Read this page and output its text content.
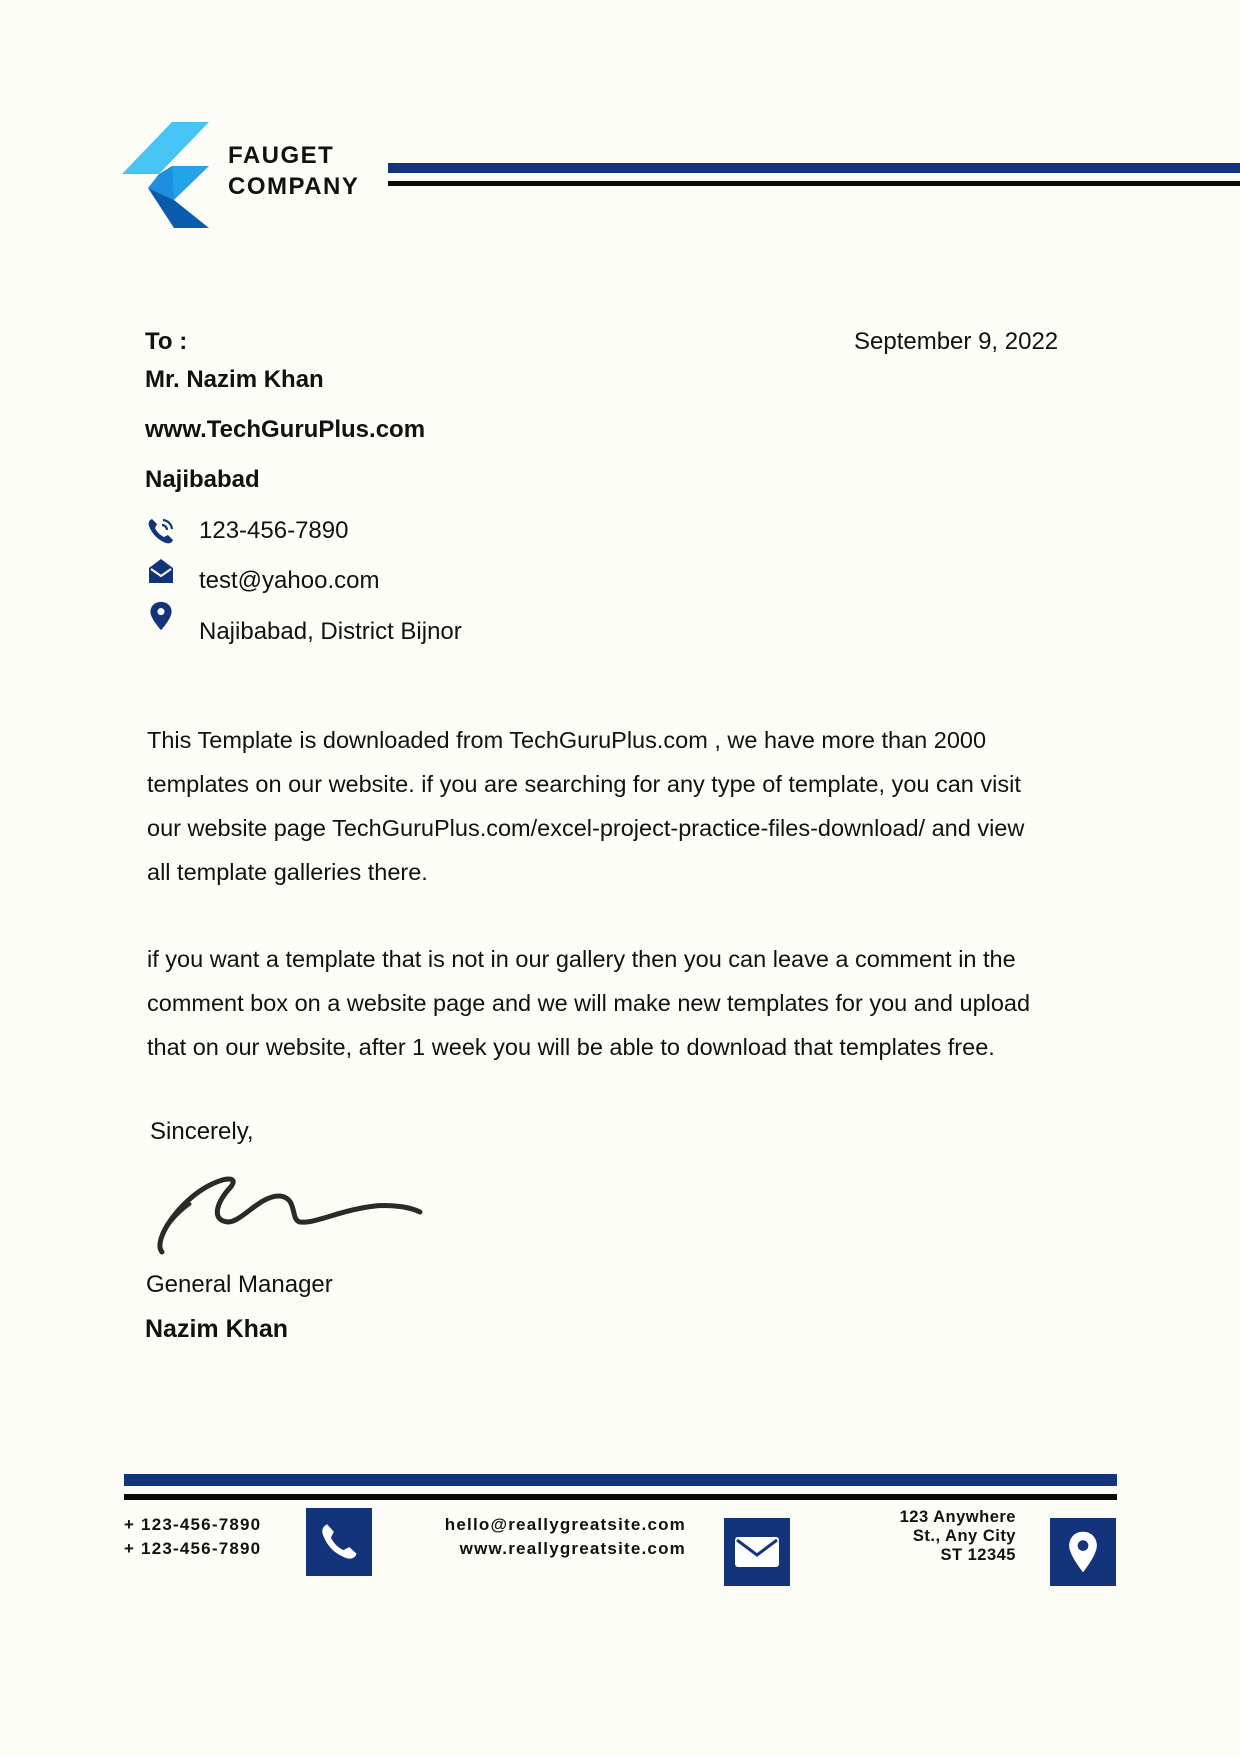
FAUGET
COMPANY
To :	September 9, 2022
Mr. Nazim Khan
www.TechGuruPlus.com
Najibabad
123-456-7890
test@yahoo.com
Najibabad, District Bijnor
This Template is downloaded from TechGuruPlus.com , we have more than 2000
templates on our website. if you are searching for any type of template, you can visit
our website page TechGuruPlus.com/excel-project-practice-files-download/ and view
all template galleries there.
if you want a template that is not in our gallery then you can leave a comment in the
comment box on a website page and we will make new templates for you and upload
that on our website, after 1 week you will be able to download that templates free.
Sincerely,
General Manager
Nazim Khan
+ 123-456-7890
+ 123-456-7890
hello@reallygreatsite.com
www.reallygreatsite.com
123 Anywhere
St., Any City
ST 12345
